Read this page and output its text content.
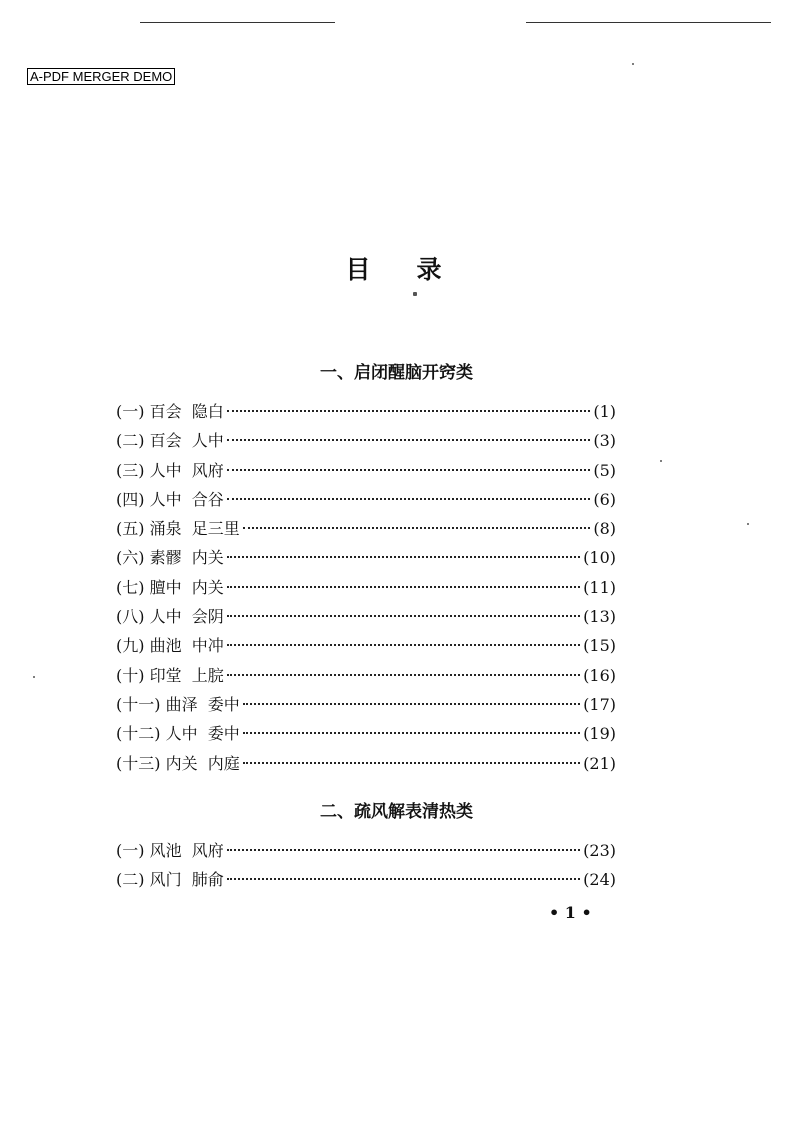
A-PDF MERGER DEMO
目录
一、启闭醒脑开窍类
(一) 百会  隐白	(1)
(二) 百会  人中	(3)
(三) 人中  风府	(5)
(四) 人中  合谷	(6)
(五) 涌泉  足三里	(8)
(六) 素髎  内关	(10)
(七) 膻中  内关	(11)
(八) 人中  会阴	(13)
(九) 曲池  中冲	(15)
(十) 印堂  上脘	(16)
(十一) 曲泽  委中	(17)
(十二) 人中  委中	(19)
(十三) 内关  内庭	(21)
二、疏风解表清热类
(一) 风池  风府	(23)
(二) 风门  肺俞	(24)
• 1 •
